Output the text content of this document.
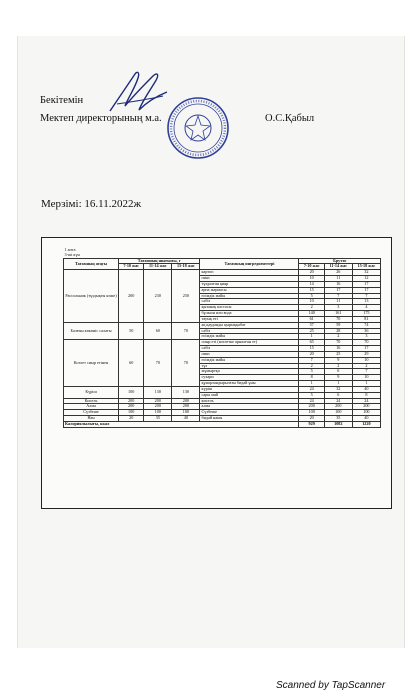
Бекітемін
Мектеп директорының м.а.	О.С.Қабыл
Мерзімі: 16.11.2022ж
1 апта							
3-ші күн							
Тағамның атауы	Тағамның шығымы, г			Тағамның ингредиенттері	Брутто		
	7-10 жас	11-14 жас	15-18 жас		7-10 жас	11-14 жас	15-18 жас
Рассольник (тұздықты көже)	200	230	250	картоп	20	26	32
				пияз	10	11	12
				тұздалған қияр	14	16	17
				арпа жармасы	15	17	17
				өсімдік майы	5	7	7
				сәбіз	10	11	13
				қызанақ пастасы	2	3	4
				бұлыон или вода	140	161	175
				тауық еті	61	70	81
Балғын көкөніс салаты	50	60	70	ақ қауданды қырыққабат	57	59	74
				сәбіз	25	28	36
				өсімдік майы	1	2	3
Котлет сиыр етінен	60	70	70	сиыр еті (котлетке арналған ет)	65	70	70
				сәбіз	15	16	17
				пияз	20	25	29
				өсімдік майы	7	9	10
				тұз	2	2	2
				жұмыртқа	5	6	7
				сухари	8	9	10
				құнарландырылған бидай ұны	1	1	1
Күріш	100	130	130	күріш	24	32	40
				сары май	5	6	8
Кисель	200	200	200	кисель	24	24	24
Алма	200	200	200	алма	200	200	200
Сүзбеше	100	100	100	Сүзбеше	100	100	100
Нан	20	35	40	бидай наны	20	35	40
Калориялылығы, ккал					929	1082	1220
Scanned by TapScanner
